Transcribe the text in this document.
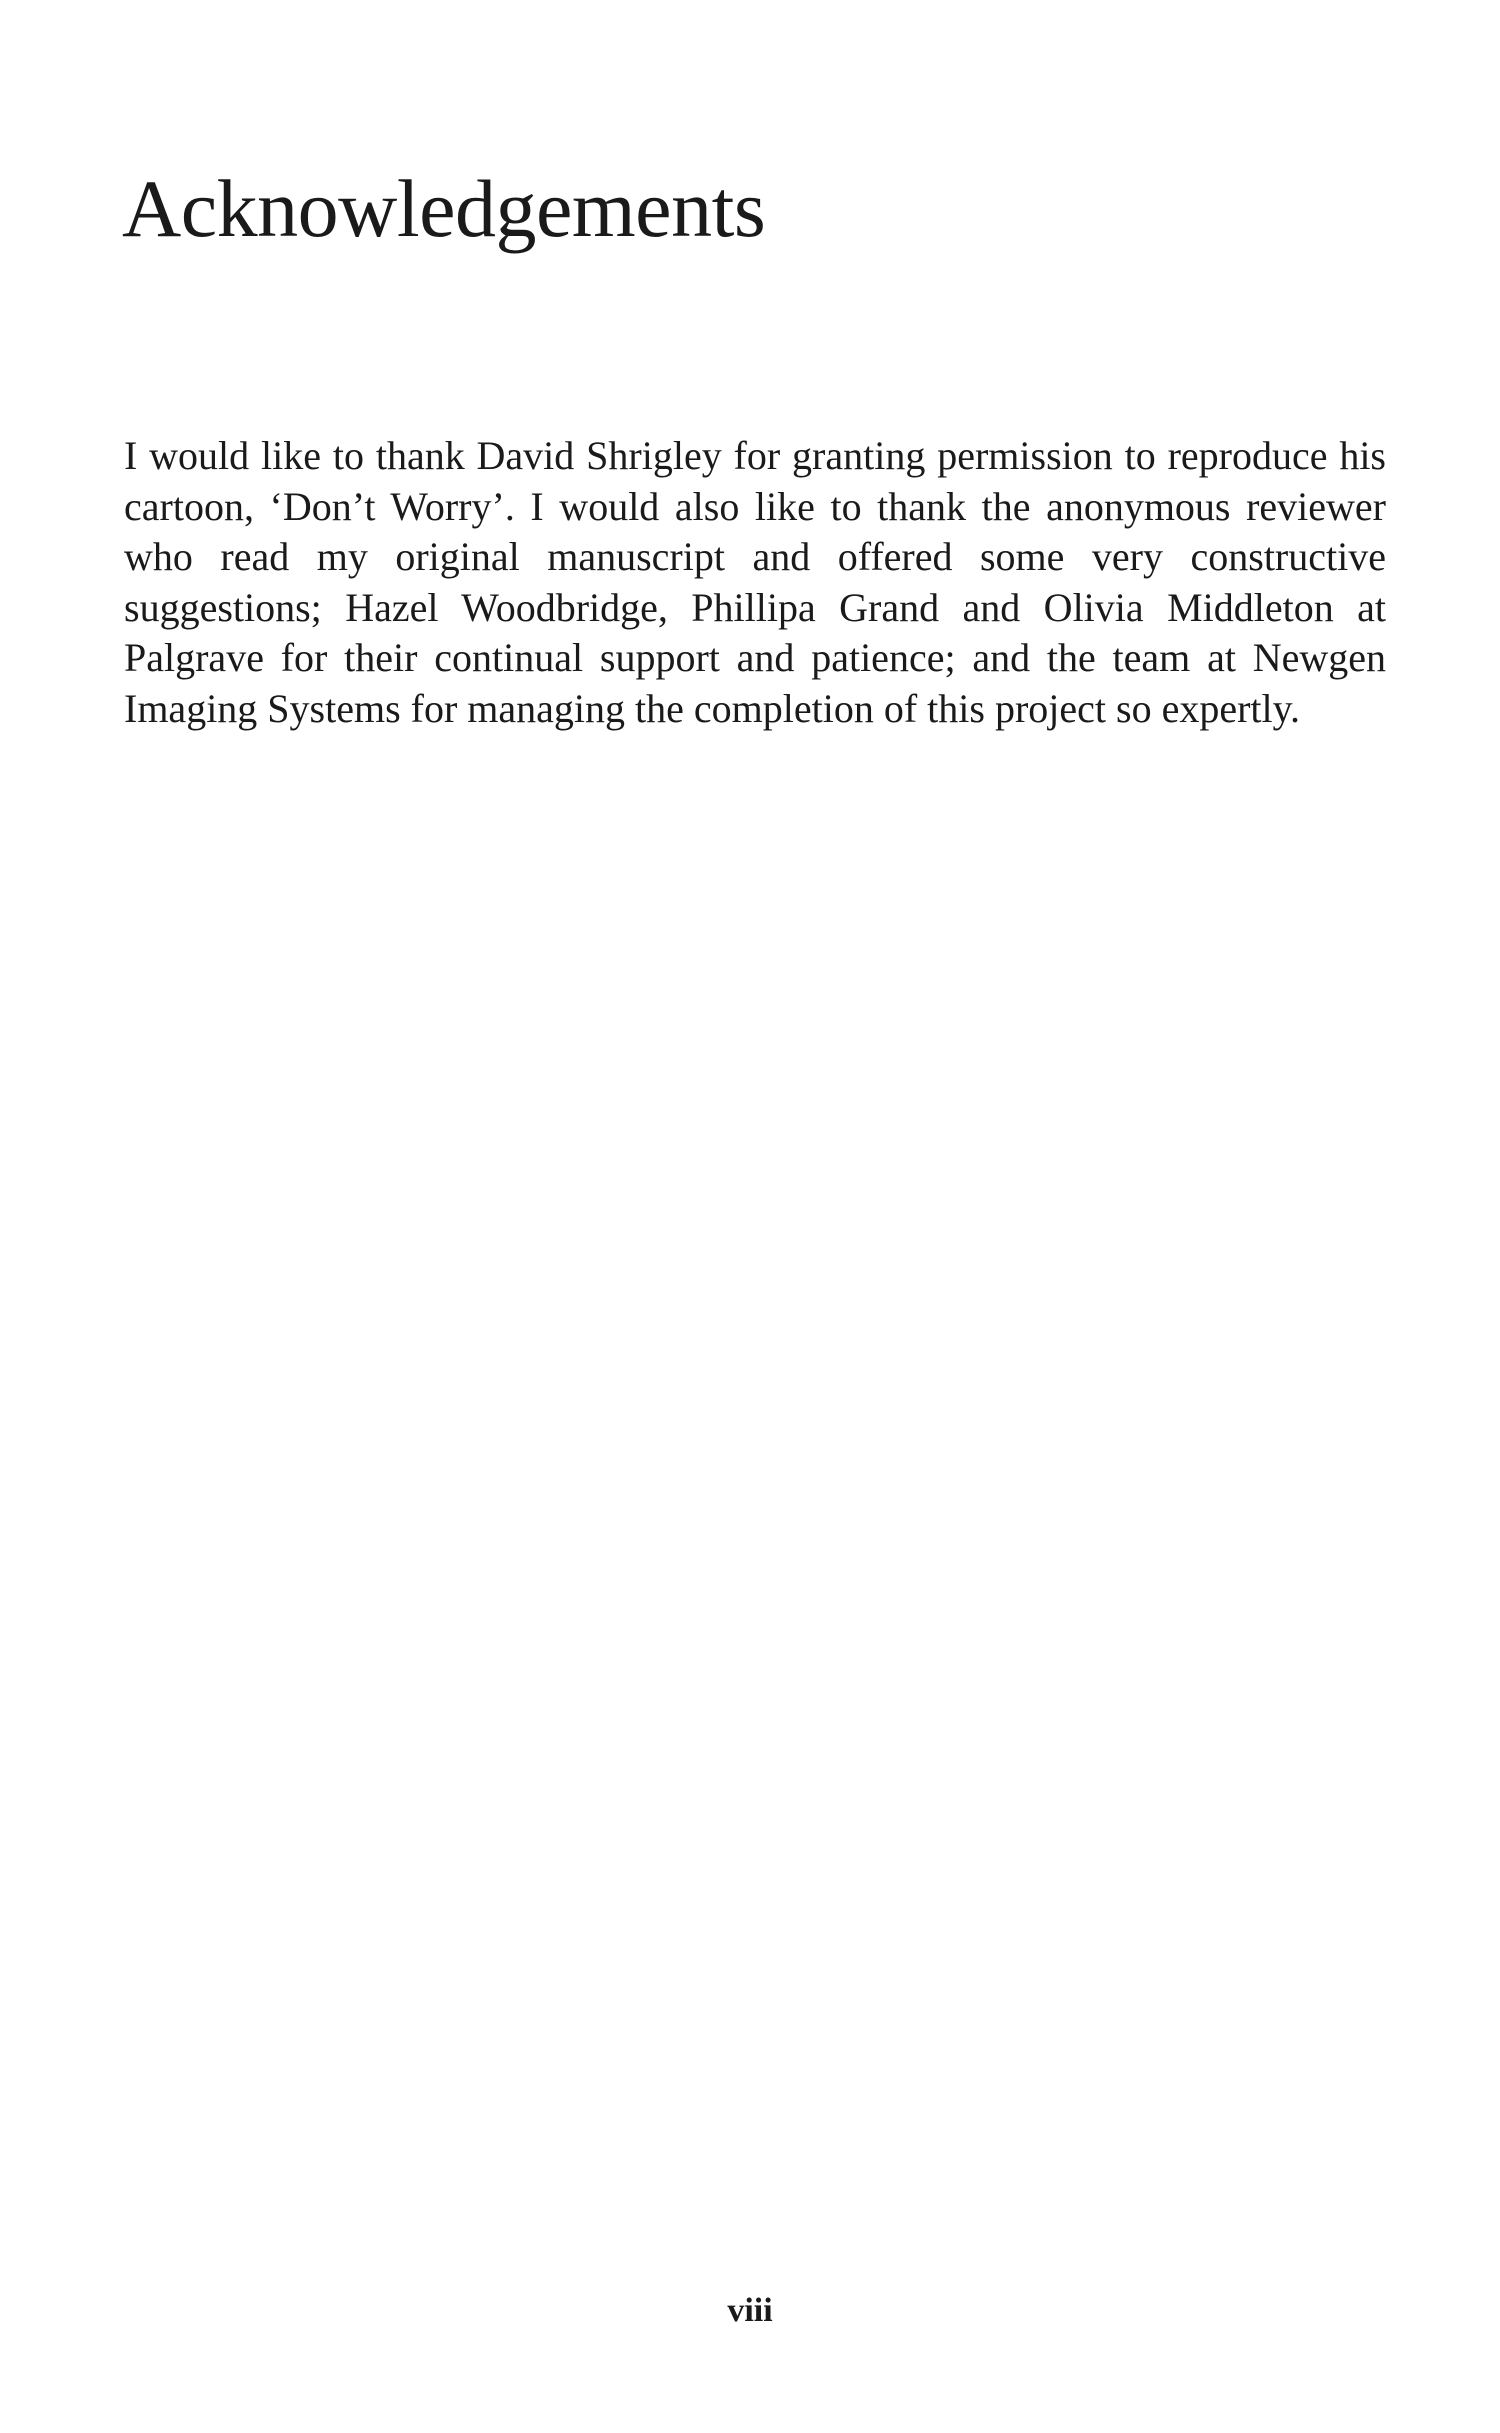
Acknowledgements

I would like to thank David Shrigley for granting permission to reproduce his cartoon, ‘Don’t Worry’. I would also like to thank the anonymous reviewer who read my original manuscript and offered some very constructive suggestions; Hazel Woodbridge, Phillipa Grand and Olivia Middleton at Palgrave for their continual support and patience; and the team at Newgen Imaging Systems for managing the completion of this project so expertly.

viii
